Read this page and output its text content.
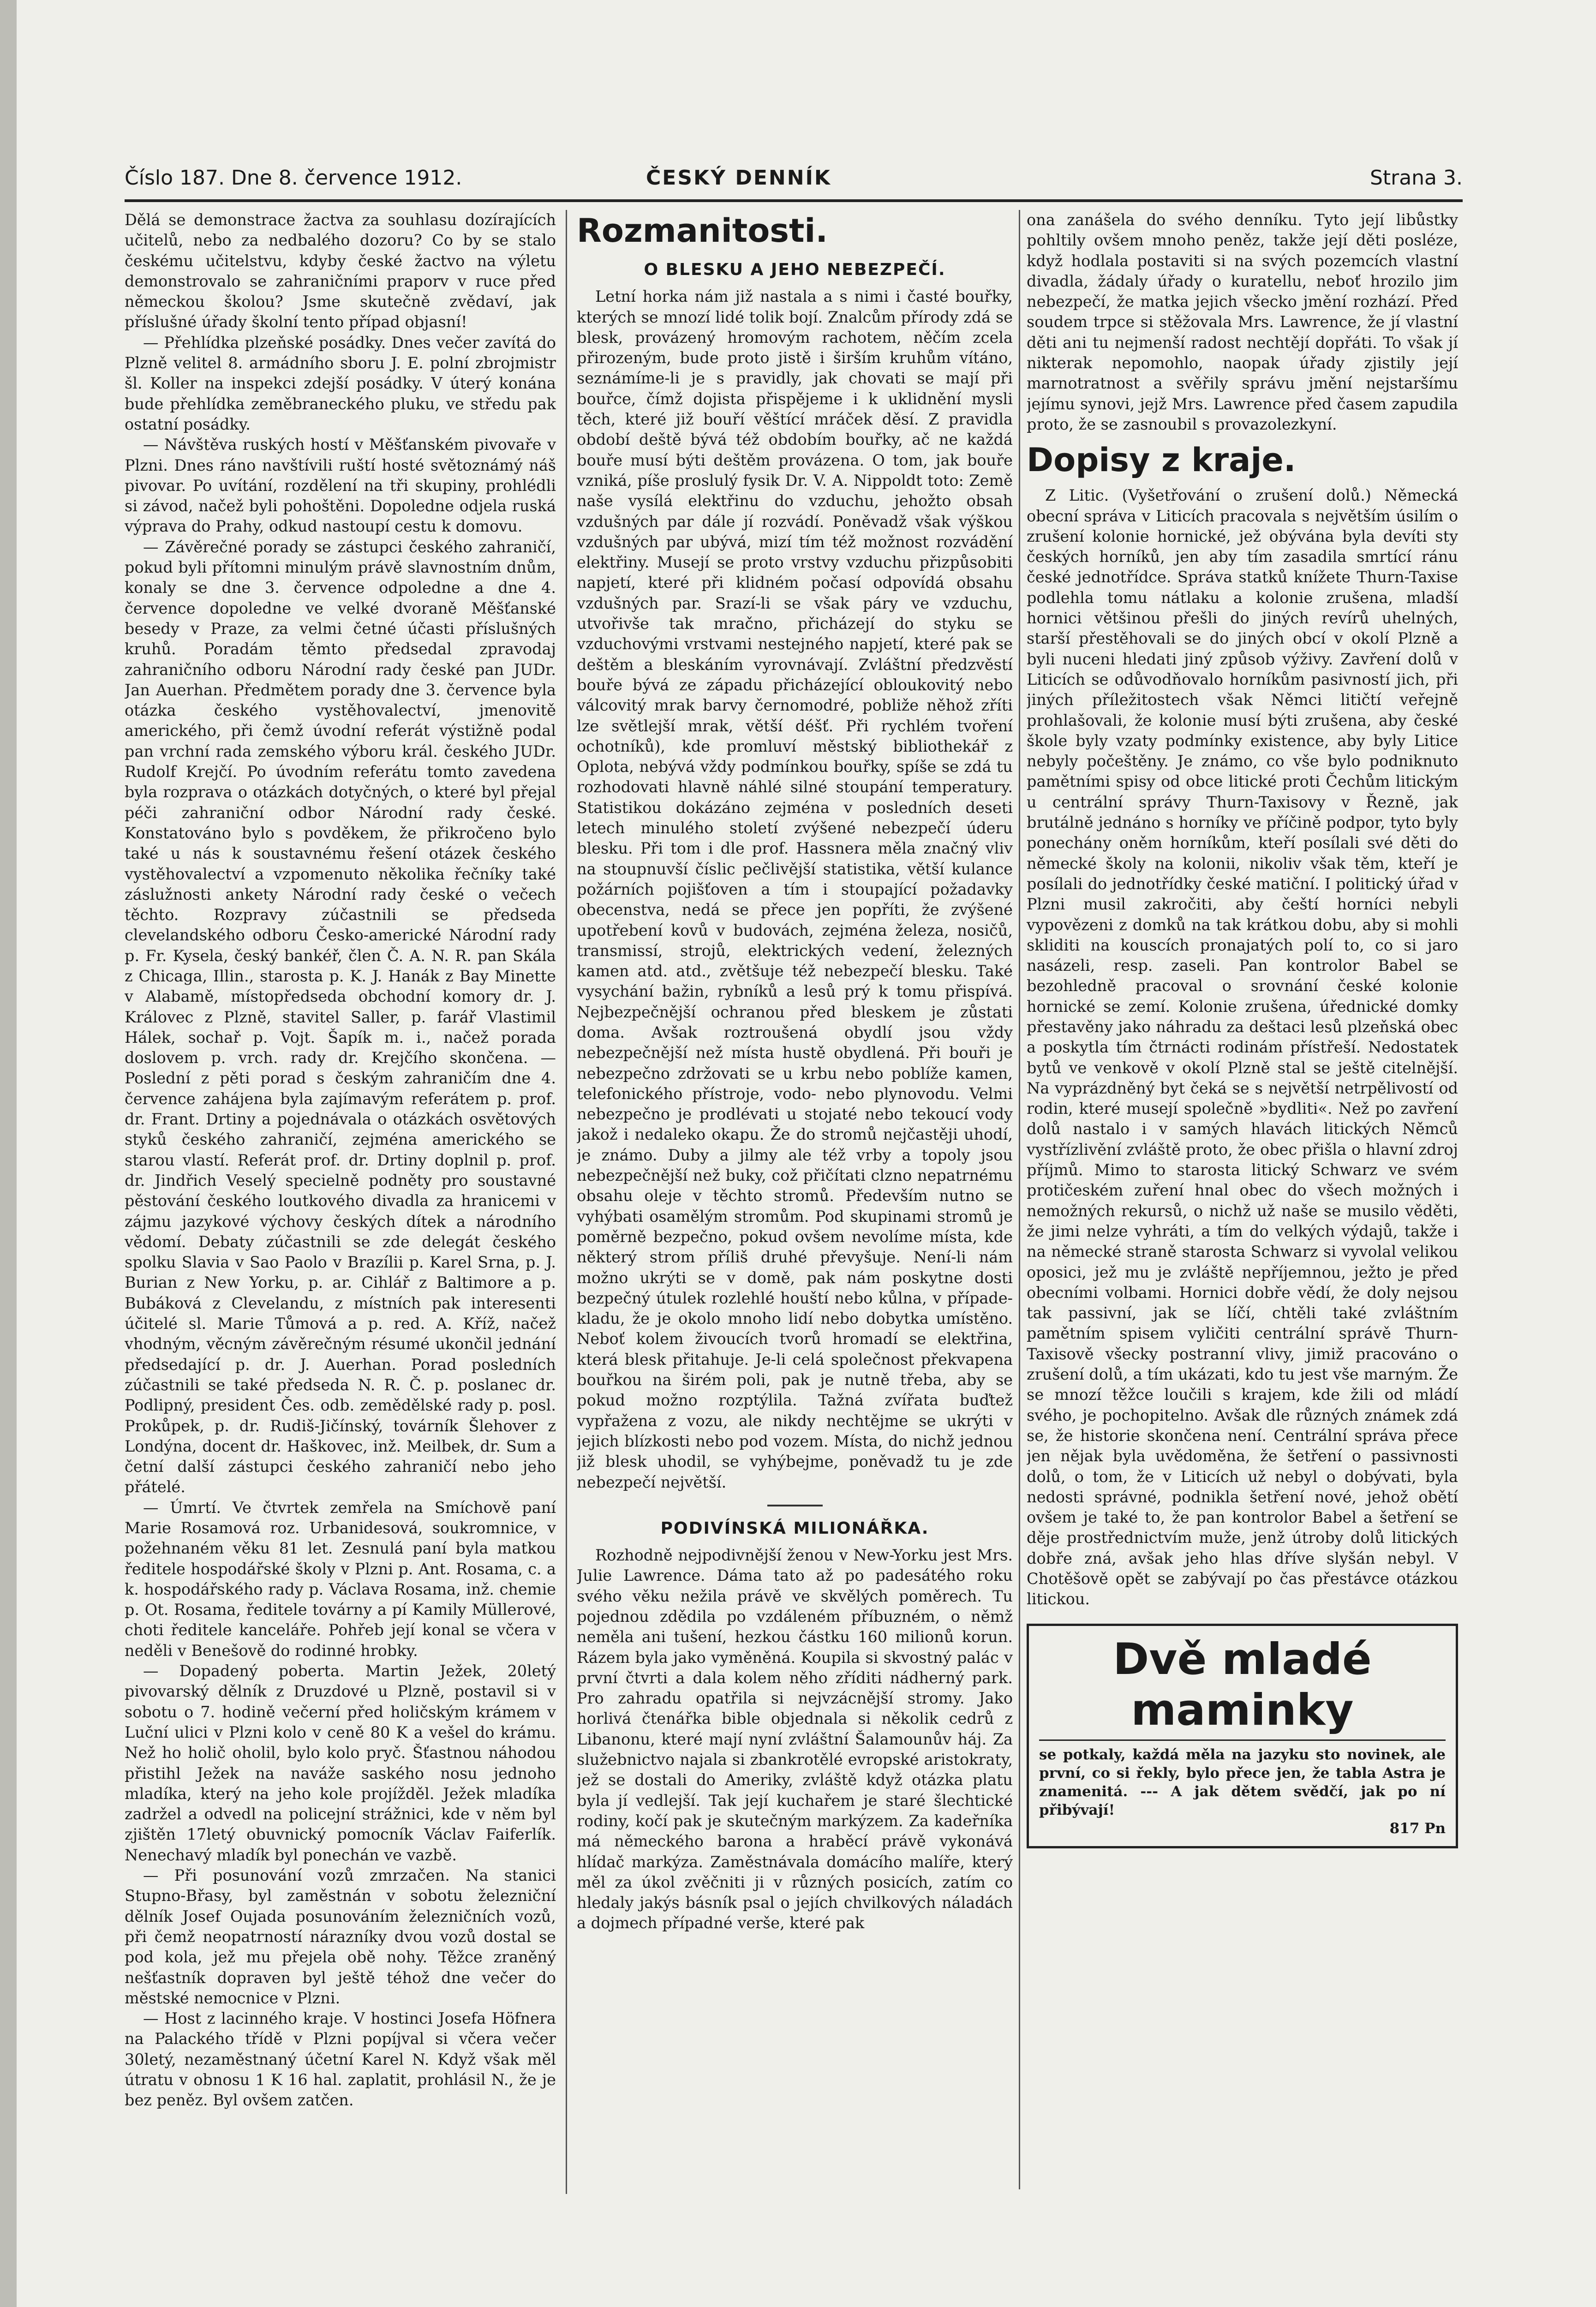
Číslo 187. Dne 8. července 1912.	ČESKÝ DENNÍK	Strana 3.

Dělá se demonstrace žactva za souhlasu dozírajících učitelů, nebo za nedbalého dozoru? Co by se stalo českému učitelstvu, kdyby české žactvo na výletu demonstrovalo se zahraničními praporv v ruce před německou školou? Jsme skutečně zvědaví, jak příslušné úřady školní tento případ objasní!

— Přehlídka plzeňské posádky. Dnes večer zavítá do Plzně velitel 8. armádního sboru J. E. polní zbrojmistr šl. Koller na inspekci zdejší posádky. V úterý konána bude přehlídka zeměbraneckého pluku, ve středu pak ostatní posádky.

— Návštěva ruských hostí v Měšťanském pivovaře v Plzni. Dnes ráno navštívili ruští hosté světoznámý náš pivovar. Po uvítání, rozdělení na tři skupiny, prohlédli si závod, načež byli pohoštěni. Dopoledne odjela ruská výprava do Prahy, odkud nastoupí cestu k domovu.

— Závěrečné porady se zástupci českého zahraničí, pokud byli přítomni minulým právě slavnostním dnům, konaly se dne 3. července odpoledne a dne 4. července dopoledne ve velké dvoraně Měšťanské besedy v Praze, za velmi četné účasti příslušných kruhů. Poradám těmto předsedal zpravodaj zahraničního odboru Národní rady české pan JUDr. Jan Auerhan. Předmětem porady dne 3. července byla otázka českého vystěhovalectví, jmenovitě amerického, při čemž úvodní referát výstižně podal pan vrchní rada zemského výboru král. českého JUDr. Rudolf Krejčí. Po úvodním referátu tomto zavedena byla rozprava o otázkách dotyčných, o které byl přejal péči zahraniční odbor Národní rady české. Konstatováno bylo s povděkem, že přikročeno bylo také u nás k soustavnému řešení otázek českého vystěhovalectví a vzpomenuto několika řečníky také záslužnosti ankety Národní rady české o večech těchto. Rozpravy zúčastnili se předseda clevelandského odboru Česko-americké Národní rady p. Fr. Kysela, český bankéř, člen Č. A. N. R. pan Skála z Chicaga, Illin., starosta p. K. J. Hanák z Bay Minette v Alabamě, místopředseda obchodní komory dr. J. Královec z Plzně, stavitel Saller, p. farář Vlastimil Hálek, sochař p. Vojt. Šapík m. i., načež porada doslovem p. vrch. rady dr. Krejčího skončena. — Poslední z pěti porad s českým zahraničím dne 4. července zahájena byla zajímavým referátem p. prof. dr. Frant. Drtiny a pojednávala o otázkách osvětových styků českého zahraničí, zejména amerického se starou vlastí. Referát prof. dr. Drtiny doplnil p. prof. dr. Jindřich Veselý specielně podněty pro soustavné pěstování českého loutkového divadla za hranicemi v zájmu jazykové výchovy českých dítek a národního vědomí. Debaty zúčastnili se zde delegát českého spolku Slavia v Sao Paolo v Brazílii p. Karel Srna, p. J. Burian z New Yorku, p. ar. Cihlář z Baltimore a p. Bubáková z Clevelandu, z místních pak interesenti účitelé sl. Marie Tůmová a p. red. A. Kříž, načež vhodným, věcným závěrečným résumé ukončil jednání předsedající p. dr. J. Auerhan. Porad posledních zúčastnili se také předseda N. R. Č. p. poslanec dr. Podlipný, president Čes. odb. zemědělské rady p. posl. Prokůpek, p. dr. Rudiš-Jičínský, továrník Šlehover z Londýna, docent dr. Haškovec, inž. Meilbek, dr. Sum a četní další zástupci českého zahraničí nebo jeho přátelé.

— Úmrtí. Ve čtvrtek zemřela na Smíchově paní Marie Rosamová roz. Urbanidesová, soukromnice, v požehnaném věku 81 let. Zesnulá paní byla matkou ředitele hospodářské školy v Plzni p. Ant. Rosama, c. a k. hospodářského rady p. Václava Rosama, inž. chemie p. Ot. Rosama, ředitele továrny a pí Kamily Müllerové, choti ředitele kanceláře. Pohřeb její konal se včera v neděli v Benešově do rodinné hrobky.

— Dopadený poberta. Martin Ježek, 20letý pivovarský dělník z Druzdové u Plzně, postavil si v sobotu o 7. hodině večerní před holičským krámem v Luční ulici v Plzni kolo v ceně 80 K a vešel do krámu. Než ho holič oholil, bylo kolo pryč. Šťastnou náhodou přistihl Ježek na naváže saského nosu jednoho mladíka, který na jeho kole projížděl. Ježek mladíka zadržel a odvedl na policejní strážnici, kde v něm byl zjištěn 17letý obuvnický pomocník Václav Faiferlík. Nenechavý mladík byl ponechán ve vazbě.

— Při posunování vozů zmrzačen. Na stanici Stupno-Břasy, byl zaměstnán v sobotu železniční dělník Josef Oujada posunováním železničních vozů, při čemž neopatrností nárazníky dvou vozů dostal se pod kola, jež mu přejela obě nohy. Těžce zraněný nešťastník dopraven byl ještě téhož dne večer do městské nemocnice v Plzni.

— Host z lacinného kraje. V hostinci Josefa Höfnera na Palackého třídě v Plzni popíjval si včera večer 30letý, nezaměstnaný účetní Karel N. Když však měl útratu v obnosu 1 K 16 hal. zaplatit, prohlásil N., že je bez peněz. Byl ovšem zatčen.

Rozmanitosti.
O BLESKU A JEHO NEBEZPEČÍ.

Letní horka nám již nastala a s nimi i časté bouřky, kterých se mnozí lidé tolik bojí. Znalcům přírody zdá se blesk, provázený hromovým rachotem, něčím zcela přirozeným, bude proto jistě i širším kruhům vítáno, seznámíme-li je s pravidly, jak chovati se mají při bouřce, čímž dojista přispějeme i k uklidnění mysli těch, které již bouří věštící mráček děsí. Z pravidla období deště bývá též obdobím bouřky, ač ne každá bouře musí býti deštěm provázena. O tom, jak bouře vzniká, píše proslulý fysik Dr. V. A. Nippoldt toto: Země naše vysílá elektřinu do vzduchu, jehožto obsah vzdušných par dále jí rozvádí. Poněvadž však výškou vzdušných par ubývá, mizí tím též možnost rozvádění elektřiny. Musejí se proto vrstvy vzduchu přizpůsobiti napjetí, které při klidném počasí odpovídá obsahu vzdušných par. Srazí-li se však páry ve vzduchu, utvořivše tak mračno, přicházejí do styku se vzduchovými vrstvami nestejného napjetí, které pak se deštěm a bleskáním vyrovnávají. Zvláštní předzvěstí bouře bývá ze západu přicházející obloukovitý nebo válcovitý mrak barvy černomodré, pobliže něhož zříti lze světlejší mrak, větší déšť. Při rychlém tvoření ochotníků), kde promluví městský bibliothekář z Oplota, nebývá vždy podmínkou bouřky, spíše se zdá tu rozhodovati hlavně náhlé silné stoupání temperatury. Statistikou dokázáno zejména v posledních deseti letech minulého století zvýšené nebezpečí úderu blesku. Při tom i dle prof. Hassnera měla značný vliv na stoupnuvší číslic pečlivější statistika, větší kulance požárních pojišťoven a tím i stoupající požadavky obecenstva, nedá se přece jen popříti, že zvýšené upotřebení kovů v budovách, zejména železa, nosičů, transmissí, strojů, elektrických vedení, železných kamen atd. atd., zvětšuje též nebezpečí blesku. Také vysychání bažin, rybníků a lesů prý k tomu přispívá. Nejbezpečnější ochranou před bleskem je zůstati doma. Avšak roztroušená obydlí jsou vždy nebezpečnější než místa hustě obydlená. Při bouři je nebezpečno zdržovati se u krbu nebo poblíže kamen, telefonického přístroje, vodo- nebo plynovodu. Velmi nebezpečno je prodlévati u stojaté nebo tekoucí vody jakož i nedaleko okapu. Že do stromů nejčastěji uhodí, je známo. Duby a jilmy ale též vrby a topoly jsou nebezpečnější než buky, což přičítati clzno nepatrnému obsahu oleje v těchto stromů. Především nutno se vyhýbati osamělým stromům. Pod skupinami stromů je poměrně bezpečno, pokud ovšem nevolíme místa, kde některý strom příliš druhé převyšuje. Není-li nám možno ukrýti se v domě, pak nám poskytne dosti bezpečný útulek rozlehlé houští nebo kůlna, v případekladu, že je okolo mnoho lidí nebo dobytka umístěno. Neboť kolem živoucích tvorů hromadí se elektřina, která blesk přitahuje. Je-li celá společnost překvapena bouřkou na širém poli, pak je nutně třeba, aby se pokud možno rozptýlila. Tažná zvířata buďtež vypřažena z vozu, ale nikdy nechtějme se ukrýti v jejich blízkosti nebo pod vozem. Místa, do nichž jednou již blesk uhodil, se vyhýbejme, poněvadž tu je zde nebezpečí největší.

PODIVÍNSKÁ MILIONÁŘKA.

Rozhodně nejpodivnější ženou v New-Yorku jest Mrs. Julie Lawrence. Dáma tato až po padesátého roku svého věku nežila právě ve skvělých poměrech. Tu pojednou zdědila po vzdáleném příbuzném, o němž neměla ani tušení, hezkou částku 160 milionů korun. Rázem byla jako vyměněná. Koupila si skvostný palác v první čtvrti a dala kolem něho zříditi nádherný park. Pro zahradu opatřila si nejvzácnější stromy. Jako horlivá čtenářka bible objednala si několik cedrů z Libanonu, které mají nyní zvláštní Šalamounův háj. Za služebnictvo najala si zbankrotělé evropské aristokraty, jež se dostali do Ameriky, zvláště když otázka platu byla jí vedlejší. Tak její kuchařem je staré šlechtické rodiny, kočí pak je skutečným markýzem. Za kadeřníka má německého barona a hraběcí právě vykonává hlídač markýza. Zaměstnávala domácího malíře, který měl za úkol zvěčniti ji v různých posicích, zatím co hledaly jakýs básník psal o jejích chvilkových náladách a dojmech případné verše, které pak

ona zanášela do svého denníku. Tyto její libůstky pohltily ovšem mnoho peněz, takže její děti posléze, když hodlala postaviti si na svých pozemcích vlastní divadla, žádaly úřady o kuratellu, neboť hrozilo jim nebezpečí, že matka jejich všecko jmění rozhází. Před soudem trpce si stěžovala Mrs. Lawrence, že jí vlastní děti ani tu nejmenší radost nechtějí dopřáti. To však jí nikterak nepomohlo, naopak úřady zjistily její marnotratnost a svěřily správu jmění nejstaršímu jejímu synovi, jejž Mrs. Lawrence před časem zapudila proto, že se zasnoubil s provazolezkyní.

Dopisy z kraje.

Z Litic. (Vyšetřování o zrušení dolů.) Německá obecní správa v Liticích pracovala s největším úsilím o zrušení kolonie hornické, jež obývána byla devíti sty českých horníků, jen aby tím zasadila smrtící ránu české jednotřídce. Správa statků knížete Thurn-Taxise podlehla tomu nátlaku a kolonie zrušena, mladší hornici většinou přešli do jiných revírů uhelných, starší přestěhovali se do jiných obcí v okolí Plzně a byli nuceni hledati jiný způsob výživy. Zavření dolů v Liticích se odůvodňovalo horníkům pasivností jich, při jiných příležitostech však Němci litičtí veřejně prohlašovali, že kolonie musí býti zrušena, aby české škole byly vzaty podmínky existence, aby byly Litice nebyly počeštěny. Je známo, co vše bylo podniknuto pamětními spisy od obce litické proti Čechům litickým u centrální správy Thurn-Taxisovy v Řezně, jak brutálně jednáno s horníky ve příčině podpor, tyto byly ponechány oněm horníkům, kteří posílali své děti do německé školy na kolonii, nikoliv však těm, kteří je posílali do jednotřídky české matiční. I politický úřad v Plzni musil zakročiti, aby čeští horníci nebyli vypovězeni z domků na tak krátkou dobu, aby si mohli skliditi na kouscích pronajatých polí to, co si jaro nasázeli, resp. zaseli. Pan kontrolor Babel se bezohledně pracoval o srovnání české kolonie hornické se zemí. Kolonie zrušena, úřednické domky přestavěny jako náhradu za deštaci lesů plzeňská obec a poskytla tím čtrnácti rodinám přístřeší. Nedostatek bytů ve venkově v okolí Plzně stal se ještě citelnější. Na vyprázdněný byt čeká se s největší netrpělivostí od rodin, které musejí společně »bydliti«. Než po zavření dolů nastalo i v samých hlavách litických Němců vystřízlivění zvláště proto, že obec přišla o hlavní zdroj příjmů. Mimo to starosta litický Schwarz ve svém protičeském zuření hnal obec do všech možných i nemožných rekursů, o nichž už naše se musilo věděti, že jimi nelze vyhráti, a tím do velkých výdajů, takže i na německé straně starosta Schwarz si vyvolal velikou oposici, jež mu je zvláště nepříjemnou, ježto je před obecními volbami. Hornici dobře vědí, že doly nejsou tak passivní, jak se líčí, chtěli také zvláštním pamětním spisem vyličiti centrální správě Thurn-Taxisově všecky postranní vlivy, jimiž pracováno o zrušení dolů, a tím ukázati, kdo tu jest vše marným. Že se mnozí těžce loučili s krajem, kde žili od mládí svého, je pochopitelno. Avšak dle různých známek zdá se, že historie skončena není. Centrální správa přece jen nějak byla uvědoměna, že šetření o passivnosti dolů, o tom, že v Liticích už nebyl o dobývati, byla nedosti správné, podnikla šetření nové, jehož obětí ovšem je také to, že pan kontrolor Babel a šetření se děje prostřednictvím muže, jenž útroby dolů litických dobře zná, avšak jeho hlas dříve slyšán nebyl. V Chotěšově opět se zabývají po čas přestávce otázkou litickou.

Dvě mladé maminky
se potkaly, každá měla na jazyku sto novinek, ale první, co si řekly, bylo přece jen, že tabla Astra je znamenitá. --- A jak dětem svědčí, jak po ní přibývají!
817 Pn
